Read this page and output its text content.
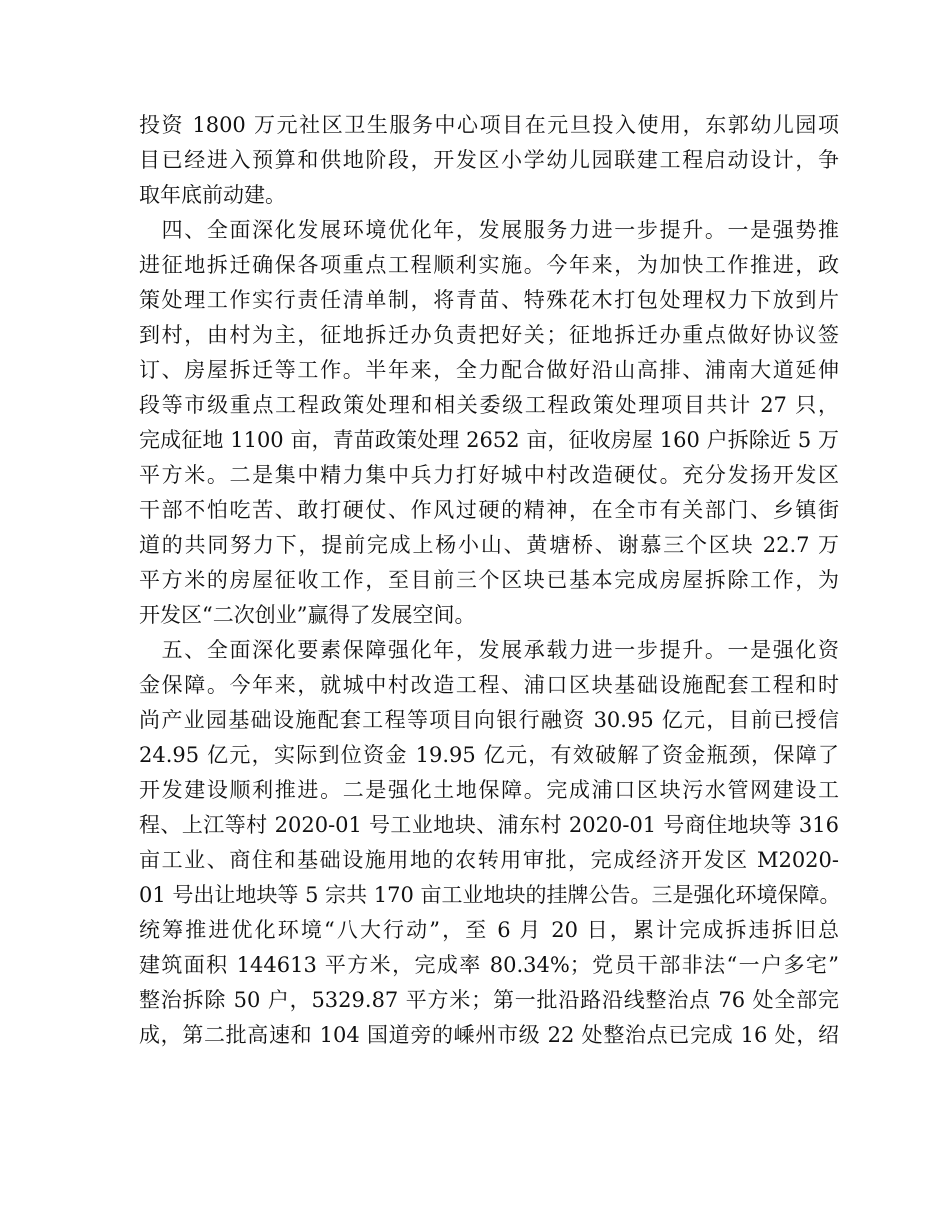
投资 1800 万元社区卫生服务中心项目在元旦投入使用，东郭幼儿园项
目已经进入预算和供地阶段，开发区小学幼儿园联建工程启动设计，争
取年底前动建。
　四、全面深化发展环境优化年，发展服务力进一步提升。一是强势推
进征地拆迁确保各项重点工程顺利实施。今年来，为加快工作推进，政
策处理工作实行责任清单制，将青苗、特殊花木打包处理权力下放到片
到村，由村为主，征地拆迁办负责把好关；征地拆迁办重点做好协议签
订、房屋拆迁等工作。半年来，全力配合做好沿山高排、浦南大道延伸
段等市级重点工程政策处理和相关委级工程政策处理项目共计 27 只，
完成征地 1100 亩，青苗政策处理 2652 亩，征收房屋 160 户拆除近 5 万
平方米。二是集中精力集中兵力打好城中村改造硬仗。充分发扬开发区
干部不怕吃苦、敢打硬仗、作风过硬的精神，在全市有关部门、乡镇街
道的共同努力下，提前完成上杨小山、黄塘桥、谢慕三个区块 22.7 万
平方米的房屋征收工作，至目前三个区块已基本完成房屋拆除工作，为
开发区“二次创业”赢得了发展空间。
　五、全面深化要素保障强化年，发展承载力进一步提升。一是强化资
金保障。今年来，就城中村改造工程、浦口区块基础设施配套工程和时
尚产业园基础设施配套工程等项目向银行融资 30.95 亿元，目前已授信
24.95 亿元，实际到位资金 19.95 亿元，有效破解了资金瓶颈，保障了
开发建设顺利推进。二是强化土地保障。完成浦口区块污水管网建设工
程、上江等村 2020-01 号工业地块、浦东村 2020-01 号商住地块等 316
亩工业、商住和基础设施用地的农转用审批，完成经济开发区 M2020-
01 号出让地块等 5 宗共 170 亩工业地块的挂牌公告。三是强化环境保障。
统筹推进优化环境“八大行动”，至 6 月 20 日，累计完成拆违拆旧总
建筑面积 144613 平方米，完成率 80.34%；党员干部非法“一户多宅”
整治拆除 50 户，5329.87 平方米；第一批沿路沿线整治点 76 处全部完
成，第二批高速和 104 国道旁的嵊州市级 22 处整治点已完成 16 处，绍
